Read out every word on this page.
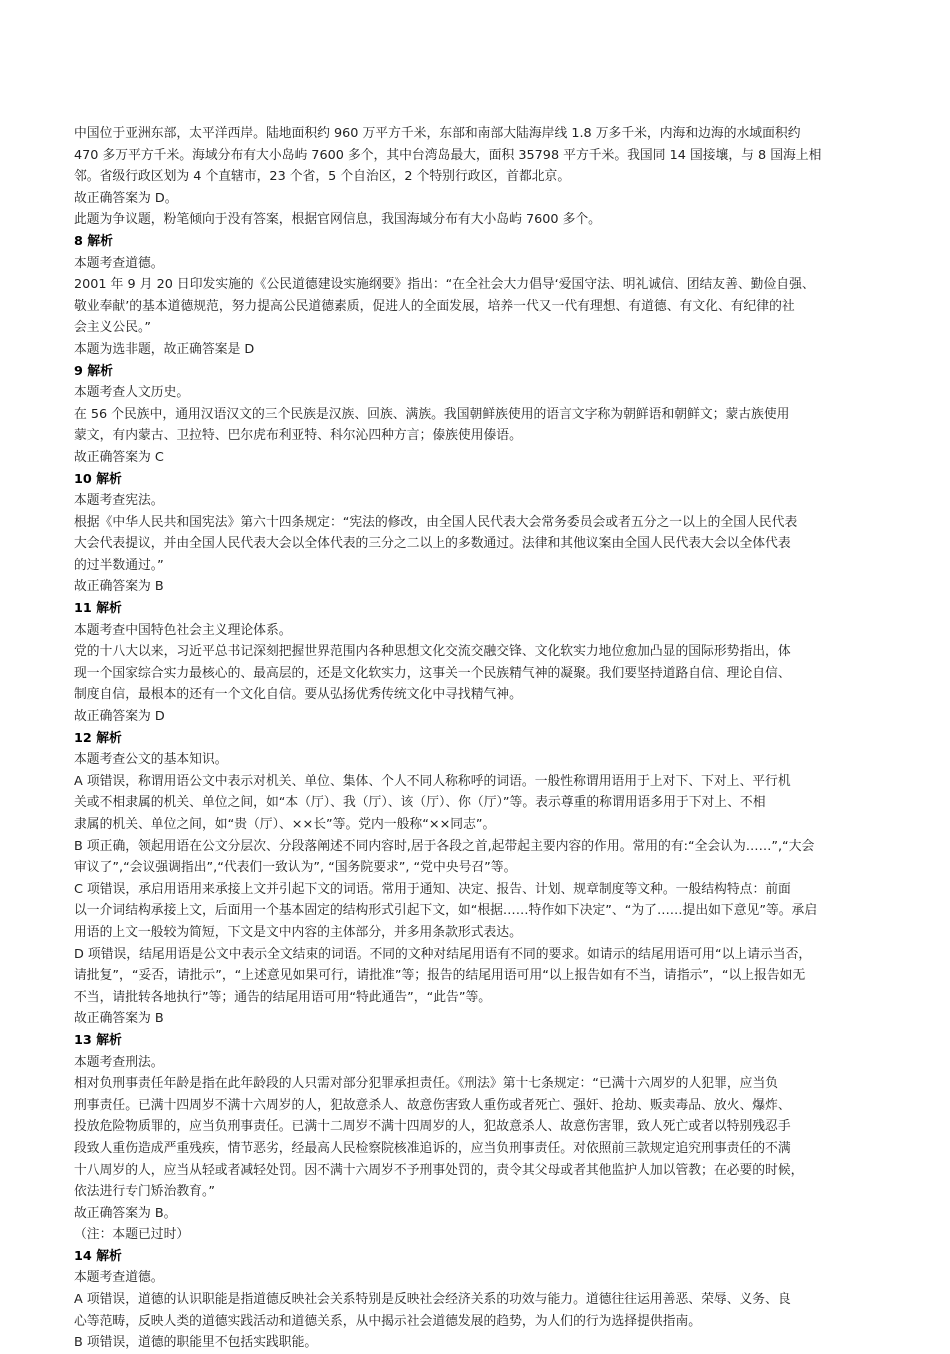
中国位于亚洲东部，太平洋西岸。陆地面积约 960 万平方千米，东部和南部大陆海岸线 1.8 万多千米，内海和边海的水域面积约
470 多万平方千米。海域分布有大小岛屿 7600 多个，其中台湾岛最大，面积 35798 平方千米。我国同 14 国接壤，与 8 国海上相
邻。省级行政区划为 4 个直辖市，23 个省，5 个自治区，2 个特别行政区，首都北京。
故正确答案为 D。
此题为争议题，粉笔倾向于没有答案，根据官网信息，我国海域分布有大小岛屿 7600 多个。
8 解析
本题考查道德。
2001 年 9 月 20 日印发实施的《公民道德建设实施纲要》指出：“在全社会大力倡导‘爱国守法、明礼诚信、团结友善、勤俭自强、
敬业奉献’的基本道德规范，努力提高公民道德素质，促进人的全面发展，培养一代又一代有理想、有道德、有文化、有纪律的社
会主义公民。”
本题为选非题，故正确答案是 D
9 解析
本题考查人文历史。
在 56 个民族中，通用汉语汉文的三个民族是汉族、回族、满族。我国朝鲜族使用的语言文字称为朝鲜语和朝鲜文；蒙古族使用
蒙文，有内蒙古、卫拉特、巴尔虎布利亚特、科尔沁四种方言；傣族使用傣语。
故正确答案为 C
10 解析
本题考查宪法。
根据《中华人民共和国宪法》第六十四条规定：“宪法的修改，由全国人民代表大会常务委员会或者五分之一以上的全国人民代表
大会代表提议，并由全国人民代表大会以全体代表的三分之二以上的多数通过。法律和其他议案由全国人民代表大会以全体代表
的过半数通过。”
故正确答案为 B
11 解析
本题考查中国特色社会主义理论体系。
党的十八大以来，习近平总书记深刻把握世界范围内各种思想文化交流交融交锋、文化软实力地位愈加凸显的国际形势指出，体
现一个国家综合实力最核心的、最高层的，还是文化软实力，这事关一个民族精气神的凝聚。我们要坚持道路自信、理论自信、
制度自信，最根本的还有一个文化自信。要从弘扬优秀传统文化中寻找精气神。
故正确答案为 D
12 解析
本题考查公文的基本知识。
A 项错误，称谓用语公文中表示对机关、单位、集体、个人不同人称称呼的词语。一般性称谓用语用于上对下、下对上、平行机
关或不相隶属的机关、单位之间，如“本（厅）、我（厅）、该（厅）、你（厅）”等。表示尊重的称谓用语多用于下对上、不相
隶属的机关、单位之间，如“贵（厅）、××长”等。党内一般称“××同志”。
B 项正确，领起用语在公文分层次、分段落阐述不同内容时,居于各段之首,起带起主要内容的作用。常用的有:“全会认为……”,“大会
审议了”,“会议强调指出”,“代表们一致认为”, “国务院要求”, “党中央号召”等。
C 项错误，承启用语用来承接上文并引起下文的词语。常用于通知、决定、报告、计划、规章制度等文种。一般结构特点：前面
以一介词结构承接上文，后面用一个基本固定的结构形式引起下文，如“根据……特作如下决定”、“为了……提出如下意见”等。承启
用语的上文一般较为简短，下文是文中内容的主体部分，并多用条款形式表达。
D 项错误，结尾用语是公文中表示全文结束的词语。不同的文种对结尾用语有不同的要求。如请示的结尾用语可用“以上请示当否，
请批复”，“妥否，请批示”，“上述意见如果可行，请批准”等；报告的结尾用语可用“以上报告如有不当，请指示”，“以上报告如无
不当，请批转各地执行”等；通告的结尾用语可用“特此通告”，“此告”等。
故正确答案为 B
13 解析
本题考查刑法。
相对负刑事责任年龄是指在此年龄段的人只需对部分犯罪承担责任。《刑法》第十七条规定：“已满十六周岁的人犯罪，应当负
刑事责任。已满十四周岁不满十六周岁的人，犯故意杀人、故意伤害致人重伤或者死亡、强奸、抢劫、贩卖毒品、放火、爆炸、
投放危险物质罪的，应当负刑事责任。已满十二周岁不满十四周岁的人，犯故意杀人、故意伤害罪，致人死亡或者以特别残忍手
段致人重伤造成严重残疾，情节恶劣，经最高人民检察院核准追诉的，应当负刑事责任。对依照前三款规定追究刑事责任的不满
十八周岁的人，应当从轻或者减轻处罚。因不满十六周岁不予刑事处罚的，责令其父母或者其他监护人加以管教；在必要的时候，
依法进行专门矫治教育。”
故正确答案为 B。
（注：本题已过时）
14 解析
本题考查道德。
A 项错误，道德的认识职能是指道德反映社会关系特别是反映社会经济关系的功效与能力。道德往往运用善恶、荣辱、义务、良
心等范畴，反映人类的道德实践活动和道德关系，从中揭示社会道德发展的趋势，为人们的行为选择提供指南。
B 项错误，道德的职能里不包括实践职能。
